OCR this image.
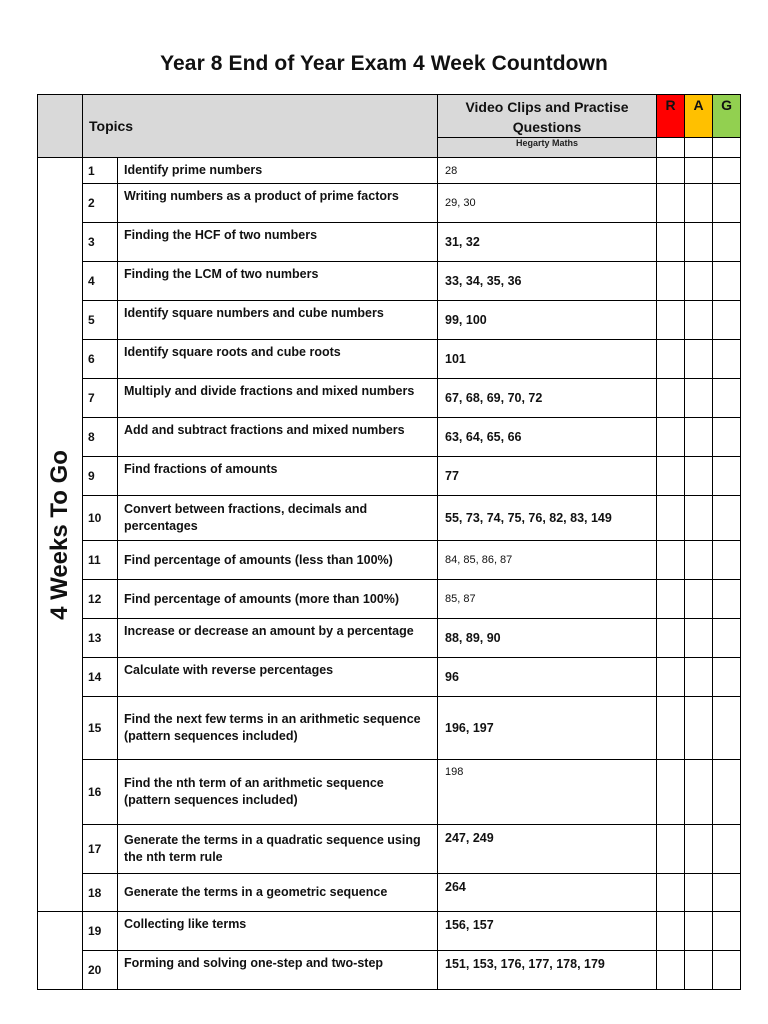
Year 8 End of Year Exam 4 Week Countdown
	Topics		Video Clips and Practise
Questions	R	A	G
			Hegarty Maths			

4 Weeks To Go	1	Identify prime numbers	28			
	2	Writing numbers as a product of prime factors	29, 30			
	3	Finding the HCF of two numbers	31, 32			
	4	Finding the LCM of two numbers	33, 34, 35, 36			
	5	Identify square numbers and cube numbers	99, 100			
	6	Identify square roots and cube roots	101			
	7	Multiply and divide fractions and mixed numbers	67, 68, 69, 70, 72			
	8	Add and subtract fractions and mixed numbers	63, 64, 65, 66			
	9	Find fractions of amounts	77			
	10	Convert between fractions, decimals and percentages	55, 73, 74, 75, 76, 82, 83, 149			
	11	Find percentage of amounts (less than 100%)	84, 85, 86, 87			
	12	Find percentage of amounts (more than 100%)	85, 87			
	13	Increase or decrease an amount by a percentage	88, 89, 90			
	14	Calculate with reverse percentages	96			
	15	Find the next few terms in an arithmetic sequence (pattern sequences included)	196, 197			
	16	Find the nth term of an arithmetic sequence (pattern sequences included)	198			
	17	Generate the terms in a quadratic sequence using the nth term rule	247, 249			
	18	Generate the terms in a geometric sequence	264			
	19	Collecting like terms	156, 157			
	20	Forming and solving one-step and two-step	151, 153, 176, 177, 178, 179			
